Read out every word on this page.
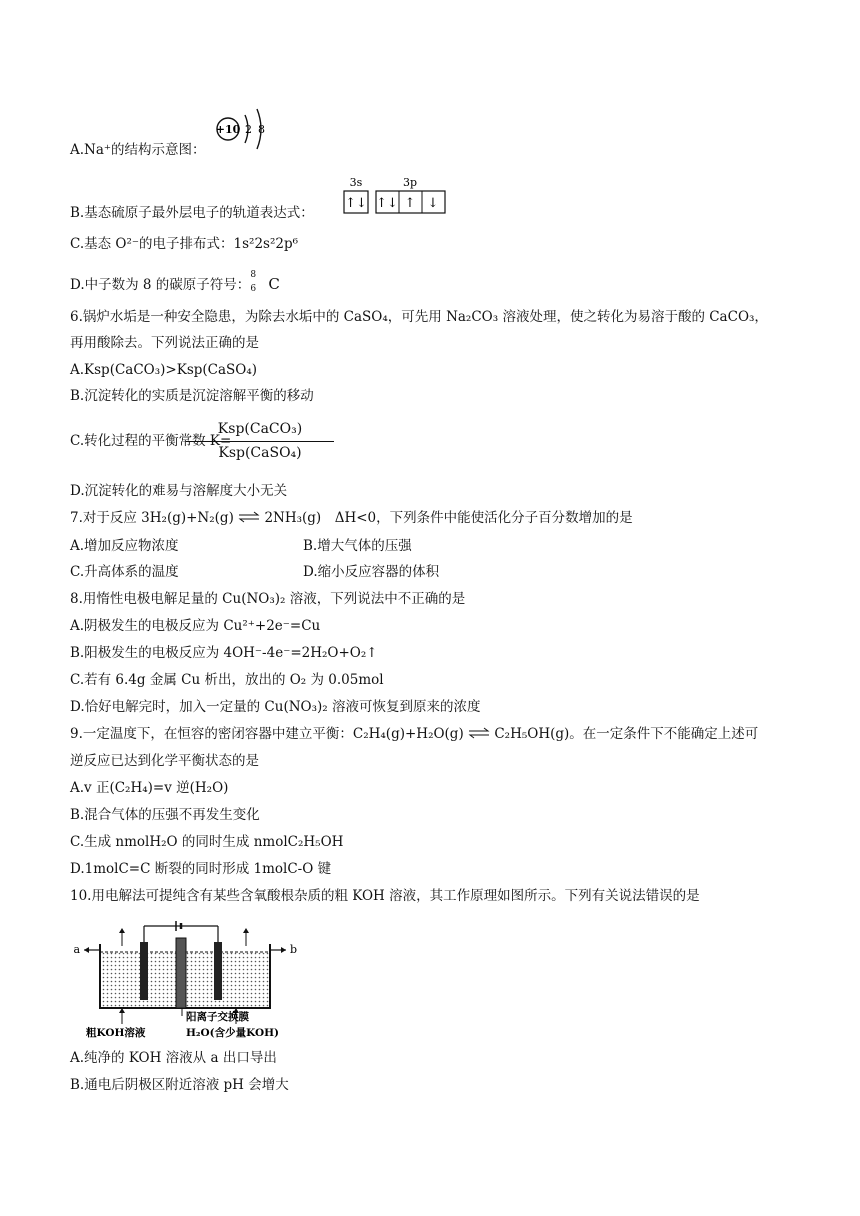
+10 2 8
A.Na⁺的结构示意图：
B.基态硫原子最外层电子的轨道表达式：
3s	3p
↑↓ ↑↓ ↑ ↓
C.基态 O²⁻的电子排布式：1s²2s²2p⁶
D.中子数为 8 的碳原子符号：
8
6 C
6.锅炉水垢是一种安全隐患，为除去水垢中的 CaSO₄，可先用 Na₂CO₃ 溶液处理，使之转化为易溶于酸的 CaCO₃，
再用酸除去。下列说法正确的是
A.Ksp(CaCO₃)>Ksp(CaSO₄)
B.沉淀转化的实质是沉淀溶解平衡的移动
C.转化过程的平衡常数 K=
Ksp(CaCO₃)
Ksp(CaSO₄)
D.沉淀转化的难易与溶解度大小无关
7.对于反应 3H₂(g)+N₂(g) ⇌ 2NH₃(g)　ΔH<0，下列条件中能使活化分子百分数增加的是
A.增加反应物浓度	B.增大气体的压强
C.升高体系的温度	D.缩小反应容器的体积
8.用惰性电极电解足量的 Cu(NO₃)₂ 溶液，下列说法中不正确的是
A.阴极发生的电极反应为 Cu²⁺+2e⁻=Cu
B.阳极发生的电极反应为 4OH⁻-4e⁻=2H₂O+O₂↑
C.若有 6.4g 金属 Cu 析出，放出的 O₂ 为 0.05mol
D.恰好电解完时，加入一定量的 Cu(NO₃)₂ 溶液可恢复到原来的浓度
9.一定温度下，在恒容的密闭容器中建立平衡：C₂H₄(g)+H₂O(g) ⇌ C₂H₅OH(g)。在一定条件下不能确定上述可
逆反应已达到化学平衡状态的是
A.v 正(C₂H₄)=v 逆(H₂O)
B.混合气体的压强不再发生变化
C.生成 nmolH₂O 的同时生成 nmolC₂H₅OH
D.1molC=C 断裂的同时形成 1molC-O 键
10.用电解法可提纯含有某些含氧酸根杂质的粗 KOH 溶液，其工作原理如图所示。下列有关说法错误的是
a	b
阳离子交换膜
粗KOH溶液	H₂O(含少量KOH)
A.纯净的 KOH 溶液从 a 出口导出
B.通电后阴极区附近溶液 pH 会增大
